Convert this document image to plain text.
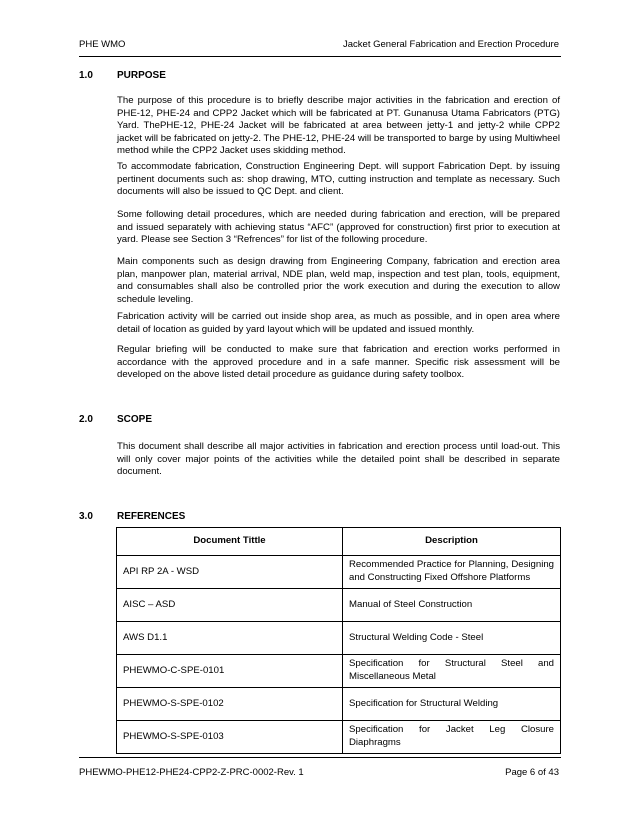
PHE WMO	Jacket General Fabrication and Erection Procedure
1.0	PURPOSE

The purpose of this procedure is to briefly describe major activities in the fabrication and erection of PHE-12, PHE-24 and CPP2 Jacket which will be fabricated at PT. Gunanusa Utama Fabricators (PTG) Yard. ThePHE-12, PHE-24 Jacket will be fabricated at area between jetty-1 and jetty-2 while CPP2 jacket will be fabricated on jetty-2. The PHE-12, PHE-24 will be transported to barge by using Multiwheel method while the CPP2 Jacket uses skidding method.

To accommodate fabrication, Construction Engineering Dept. will support Fabrication Dept. by issuing pertinent documents such as: shop drawing, MTO, cutting instruction and template as necessary. Such documents will also be issued to QC Dept. and client.

Some following detail procedures, which are needed during fabrication and erection, will be prepared and issued separately with achieving status “AFC” (approved for construction) first prior to execution at yard. Please see Section 3 “Refrences” for list of the following procedure.

Main components such as design drawing from Engineering Company, fabrication and erection area plan, manpower plan, material arrival, NDE plan, weld map, inspection and test plan, tools, equipment, and consumables shall also be controlled prior the work execution and during the execution to allow schedule leveling.

Fabrication activity will be carried out inside shop area, as much as possible, and in open area where detail of location as guided by yard layout which will be updated and issued monthly.

Regular briefing will be conducted to make sure that fabrication and erection works performed in accordance with the approved procedure and in a safe manner. Specific risk assessment will be developed on the above listed detail procedure as guidance during safety toolbox.

2.0	SCOPE

This document shall describe all major activities in fabrication and erection process until load-out. This will only cover major points of the activities while the detailed point shall be described in separate document.

3.0	REFERENCES
Document Tittle	Description
API RP 2A - WSD	Recommended Practice for Planning, Designing and Constructing Fixed Offshore Platforms
AISC – ASD	Manual of Steel Construction
AWS D1.1	Structural Welding Code - Steel
PHEWMO-C-SPE-0101	Specification for Structural Steel and Miscellaneous Metal
PHEWMO-S-SPE-0102	Specification for Structural Welding
PHEWMO-S-SPE-0103	Specification for Jacket Leg Closure Diaphragms
PHEWMO-PHE12-PHE24-CPP2-Z-PRC-0002-Rev. 1	Page 6 of 43
